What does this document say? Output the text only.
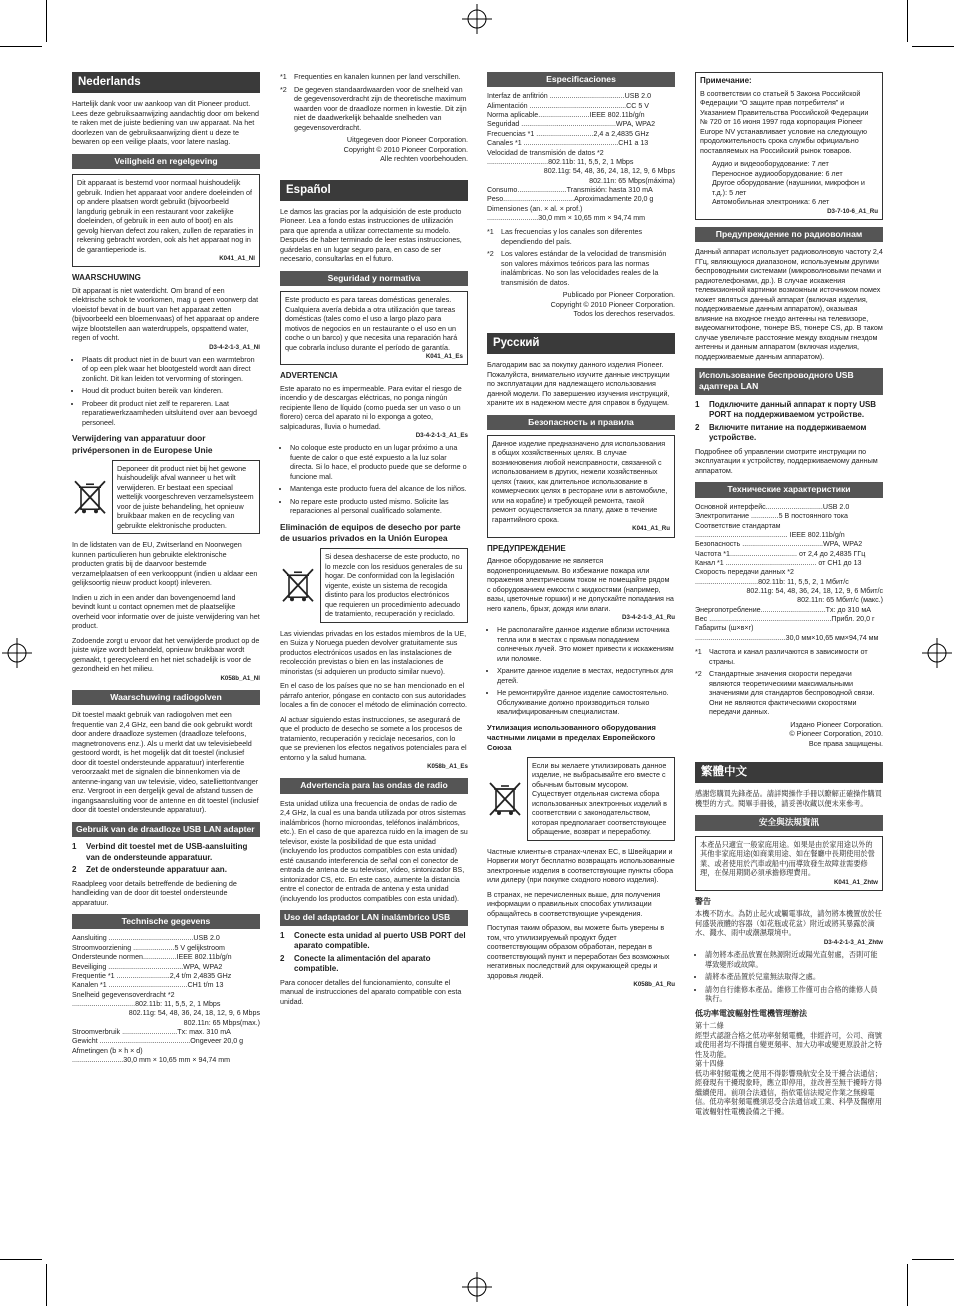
Nederlands

Hartelijk dank voor uw aankoop van dit Pioneer product. Lees deze gebruiksaanwijzing aandachtig door om bekend te raken met de juiste bediening van uw apparaat. Na het doorlezen van de gebruiksaanwijzing dient u deze te bewaren op een veilige plaats, voor latere naslag.

Veiligheid en regelgeving
Dit apparaat is bestemd voor normaal huishoudelijk gebruik. Indien het apparaat voor andere doeleinden of op andere plaatsen wordt gebruikt (bijvoorbeeld langdurig gebruik in een restaurant voor zakelijke doeleinden, of gebruik in een auto of boot) en als gevolg hiervan defect zou raken, zullen de reparaties in rekening gebracht worden, ook als het apparaat nog in de garantieperiode is.
K041_A1_Nl
WAARSCHUWING
Dit apparaat is niet waterdicht. Om brand of een elektrische schok te voorkomen, mag u geen voorwerp dat vloeistof bevat in de buurt van het apparaat zetten (bijvoorbeeld een bloemenvaas) of het apparaat op andere wijze blootstellen aan waterdruppels, opspattend water, regen of vocht.
D3-4-2-1-3_A1_Nl
• Plaats dit product niet in de buurt van een warmtebron of op een plek waar het blootgesteld wordt aan direct zonlicht. Dit kan leiden tot vervorming of storingen.
• Houd dit product buiten bereik van kinderen.
• Probeer dit product niet zelf te repareren. Laat reparatiewerkzaamheden uitsluitend over aan bevoegd personeel.
Verwijdering van apparatuur door privépersonen in de Europese Unie
Deponeer dit product niet bij het gewone huishoudelijk afval wanneer u het wilt verwijderen. Er bestaat een speciaal wettelijk voorgeschreven verzamelsysteem voor de juiste behandeling, het opnieuw bruikbaar maken en de recycling van gebruikte elektronische producten.

In de lidstaten van de EU, Zwitserland en Noorwegen kunnen particulieren hun gebruikte elektronische producten gratis bij de daarvoor bestemde verzamelplaatsen of een verkooppunt (indien u aldaar een gelijksoortig nieuw product koopt) inleveren.

Indien u zich in een ander dan bovengenoemd land bevindt kunt u contact opnemen met de plaatselijke overheid voor informatie over de juiste verwijdering van het product.

Zodoende zorgt u ervoor dat het verwijderde product op de juiste wijze wordt behandeld, opnieuw bruikbaar wordt gemaakt, t gerecycleerd en het niet schadelijk is voor de gezondheid en het milieu.

K058b_A1_Nl
Waarschuwing radiogolven

Dit toestel maakt gebruik van radiogolven met een frequentie van 2,4 GHz, een band die ook gebruikt wordt door andere draadloze systemen (draadloze telefoons, magnetronovens enz.). Als u merkt dat uw televisiebeeld gestoord wordt, is het mogelijk dat dit toestel (inclusief door dit toestel ondersteunde apparatuur) interferentie veroorzaakt met de signalen die binnenkomen via de antenne-ingang van uw televisie, video, satelliettontvanger enz. Vergroot in een dergelijk geval de afstand tussen de ingangsaansluiting voor de antenne en dit toestel (inclusief door dit toestel ondersteunde apparatuur).

Gebruik van de draadloze USB LAN adapter
1	Verbind dit toestel met de USB-aansluiting van de ondersteunde apparatuur.
2	Zet de ondersteunde apparatuur aan.

Raadpleeg voor details betreffende de bediening de handleiding van de door dit toestel ondersteunde apparatuur.

Technische gegevens
Aansluiting ...........................................USB 2.0
Stroomvoorziening .....................5 V gelijkstroom
Ondersteunde normen.................IEEE 802.11b/g/n
Beveiliging ......................................WPA, WPA2
Frequentie *1 ...........................2,4 t/m 2,4835 GHz
Kanalen *1 ........................................CH1 t/m 13
Snelheid gegevensoverdracht *2
................................802.11b: 11, 5,5, 2, 1 Mbps
802.11g: 54, 48, 36, 24, 18, 12, 9, 6 Mbps
802.11n: 65 Mbps(max.)
Stroomverbruik ............................Tx: max. 310 mA
Gewicht ..............................................Ongeveer 20,0 g
Afmetingen (b × h × d)
..........................30,0 mm × 10,65 mm × 94,74 mm

*1	Frequenties en kanalen kunnen per land verschillen.

*2	De gegeven standaardwaarden voor de snelheid van de gegevensoverdracht zijn de theoretische maximum waarden voor de draadloze normen in kwestie. Dit zijn niet de daadwerkelijk behaalde snelheden van gegevensoverdracht.

Uitgegeven door Pioneer Corporation.
Copyright © 2010 Pioneer Corporation.
Alle rechten voorbehouden.
Español

Le damos las gracias por la adquisición de este producto Pioneer. Lea a fondo estas instrucciones de utilización para que aprenda a utilizar correctamente su modelo. Después de haber terminado de leer estas instrucciones, guárdelas en un lugar seguro para, en caso de ser necesario, consultarlas en el futuro.

Seguridad y normativa
Este producto es para tareas domésticas generales. Cualquiera avería debida a otra utilización que tareas domésticas (tales como el uso a largo plazo para motivos de negocios en un restaurante o el uso en un coche o un barco) y que necesita una reparación hará que cobrarla incluso durante el período de garantía.
K041_A1_Es
ADVERTENCIA
Este aparato no es impermeable. Para evitar el riesgo de incendio y de descargas eléctricas, no ponga ningún recipiente lleno de líquido (como pueda ser un vaso o un florero) cerca del aparato ni lo exponga a goteo, salpicaduras, lluvia o humedad.
D3-4-2-1-3_A1_Es
• No coloque este producto en un lugar próximo a una fuente de calor o que esté expuesto a la luz solar directa. Si lo hace, el producto puede que se deforme o funcione mal.
• Mantenga este producto fuera del alcance de los niños.
• No repare este producto usted mismo. Solicite las reparaciones al personal cualificado solamente.
Eliminación de equipos de desecho por parte de usuarios privados en la Unión Europea
Si desea deshacerse de este producto, no lo mezcle con los residuos generales de su hogar. De conformidad con la legislación vigente, existe un sistema de recogida distinto para los productos electrónicos que requieren un procedimiento adecuado de tratamiento, recuperación y reciclado.

Las viviendas privadas en los estados miembros de la UE, en Suiza y Noruega pueden devolver gratuitamente sus productos electrónicos usados en las instalaciones de recolección previstas o bien en las instalaciones de minoristas (si adquieren un producto similar nuevo).

En el caso de los países que no se han mencionado en el párrafo anterior, póngase en contacto con sus autoridades locales a fin de conocer el método de eliminación correcto.

Al actuar siguiendo estas instrucciones, se asegurará de que el producto de desecho se somete a los procesos de tratamiento, recuperación y reciclaje necesarios, con lo que se previenen los efectos negativos potenciales para el entorno y la salud humana.

K058b_A1_Es
Advertencia para las ondas de radio

Esta unidad utiliza una frecuencia de ondas de radio de 2,4 GHz, la cual es una banda utilizada por otros sistemas inalámbricos (horno microondas, teléfonos inalámbricos, etc.). En el caso de que aparezca ruido en la imagen de su televisor, existe la posibilidad de que esta unidad (incluyendo los productos compatibles con esta unidad) esté causando interferencia de señal con el conector de entrada de antena de su televisor, vídeo, sintonizador BS, sintonizador CS, etc. En este caso, aumente la distancia entre el conector de entrada de antena y esta unidad (incluyendo los productos compatibles con esta unidad).

Uso del adaptador LAN inalámbrico USB
1	Conecte esta unidad al puerto USB PORT del aparato compatible.
2	Conecte la alimentación del aparato compatible.

Para conocer detalles del funcionamiento, consulte el manual de instrucciones del aparato compatible con esta unidad.

Especificaciones
Interfaz de anfitrión ......................................USB 2.0
Alimentación .................................................CC 5 V
Norma aplicable..........................IEEE 802.11b/g/n
Seguridad ................................................WPA, WPA2
Frecuencias *1 .............................2,4 a 2,4835 GHz
Canales *1 ................................................CH1 a 13
Velocidad de transmisión de datos *2
...............................802.11b: 11, 5,5, 2, 1 Mbps
802.11g: 54, 48, 36, 24, 18, 12, 9, 6 Mbps
802.11n: 65 Mbps(máxima)
Consumo.........................Transmisión: hasta 310 mA
Peso....................................Aproximadamente 20,0 g
Dimensiones (an. × al. × prof.)
..........................30,0 mm × 10,65 mm × 94,74 mm

*1	Las frecuencias y los canales son diferentes dependiendo del país.

*2	Los valores estándar de la velocidad de transmisión son valores máximos teóricos para las normas inalámbricas. No son las velocidades reales de la transmisión de datos.

Publicado por Pioneer Corporation.
Copyright © 2010 Pioneer Corporation.
Todos los derechos reservados.
Русский

Благодарим вас за покупку данного изделия Pioneer. Пожалуйста, внимательно изучите данные инструкции по эксплуатации для надлежащего использования данной модели. По завершению изучения инструкций, храните их в надежном месте для справок в будущем.

Безопасность и правила
Данное изделие предназначено для использования в общих хозяйственных целях. В случае возникновения любой неисправности, связанной с использованием в других, нежели хозяйственных целях (таких, как длительное использование в коммерческих целях в ресторане или в автомобиле, или на корабле) и требующей ремонта, такой ремонт осуществляется за плату, даже в течение гарантийного срока.
K041_A1_Ru
ПРЕДУПРЕЖДЕНИЕ
Данное оборудование не является водонепроницаемым. Во избежание пожара или поражения электрическим током не помещайте рядом с оборудованием емкости с жидкостями (например, вазы, цветочные горшки) и не допускайте попадания на него капель, брызг, дождя или влаги.
D3-4-2-1-3_A1_Ru
• Не располагайте данное изделие вблизи источника тепла или в местах с прямым попаданием солнечных лучей. Это может привести к искажениям или поломке.
• Храните данное изделие в местах, недоступных для детей.
• Не ремонтируйте данное изделие самостоятельно. Обслуживание должно производиться только квалифицированным специалистам.
Утилизация использованного оборудования частными лицами в пределах Европейского Союза
Если вы желаете утилизировать данное изделие, не выбрасывайте его вместе с обычным бытовым мусором. Существует отдельная система сбора использованных электронных изделий в соответствии с законодательством, которая предполагает соответствующее обращение, возврат и переработку.

Частные клиенты-в странах-членах ЕС, в Швейцарии и Норвегии могут бесплатно возвращать использованные электронные изделия в соответствующие пункты сбора или дилеру (при покупке сходного нового изделия).

В странах, не перечисленных выше, для получения информации о правильных способах утилизации обращайтесь в соответствующие учреждения.

Поступая таким образом, вы можете быть уверены в том, что утилизируемый продукт будет соответствующим образом обработан, передан в соответствующий пункт и переработан без возможных негативных последствий для окружающей среды и здоровья людей.

K058b_A1_Ru
Примечание:
В соответствии со статьей 5 Закона Российской Федерации “О защите прав потребителя” и Указанием Правительства Российской Федерации № 720 от 16 июня 1997 года корпорация Pioneer Europe NV устанавливает условие на следующую продолжительность срока службы официально поставляемых на Российский рынок товаров.
Аудио и видеооборудование: 7 лет
Переносное аудиооборудование: 6 лет
Другое оборудование (наушники, микрофон и т.д.): 5 лет
Автомобильная электроника: 6 лет
D3-7-10-6_A1_Ru
Предупреждение по радиоволнам

Данный аппарат использует радиоволновую частоту 2,4 ГГц, являющуюся диапазоном, используемым другими беспроводными системами (микроволновыми печами и радиотелефонами, др.). В случае искажения телевизионной картинки возможным источником помех может являться данный аппарат (включая изделия, поддерживаемые данным аппаратом), оказывая влияние на входное гнездо антенны на телевизоре, видеомагнитофоне, тюнере BS, тюнере CS, др. В таком случае увеличьте расстояние между входным гнездом антенны и данным аппаратом (включая изделия, поддерживаемые данным аппаратом).

Использование беспроводного USB адаптера LAN
1	Подключите данный аппарат к порту USB PORT на поддерживаемом устройстве.
2	Включите питание на поддерживаемом устройстве.

Подробнее об управлении смотрите инструкции по эксплуатации к устройству, поддерживаемому данным аппаратом.

Технические характеристики
Основной интерфейс.............................USB 2.0
Электропитание ..............5 В постоянного тока
Соответствие стандартам
............................................... IEEE 802.11b/g/n
Безопасность .........................................WPA, WPA2
Частота *1.................................. от 2,4 до 2,4835 ГГц
Канал *1 .............................................. от CH1 до 13
Скорость передачи данных *2
................................802.11b: 11, 5,5, 2, 1 Мбит/с
802.11g: 54, 48, 36, 24, 18, 12, 9, 6 Мбит/с
802.11n: 65 Мбит/с (макс.)
Энергопотребление.................................Tx: до 310 мА
Вес ..............................................................Прибл. 20,0 г
Габариты (ш×в×г)
..............................................30,0 мм×10,65 мм×94,74 мм

*1	Частота и канал различаются в зависимости от страны.

*2	Стандартные значения скорости передачи являются теоретическими максимальными значениями для стандартов беспроводной связи. Они не являются фактическими скоростями передачи данных.

Издано Pioneer Corporation.
© Pioneer Corporation, 2010.
Все права защищены.
繁體中文

感謝您購買先鋒產品。請詳閱操作手冊以瞭解正確操作購買機型的方式。閱畢手冊後，請妥善收藏以便未來參考。

安全與法規資訊
本產品只適宜一般家庭用途。如果是由於家用途以外的其他非家庭用途(如商業用途、如在餐廳中長期使用於營業、或者使用於汽車或船中)而導致發生故障並需要修理，在保用期間必須承擔修理費用。
K041_A1_Zhtw
警告
本機不防水。為防止起火或觸電事故，請勿將本機置放於任何盛裝液體的容器（如花瓶或花盆）附近或將其暴露於滴水、濺水、雨中或潮濕環境中。
D3-4-2-1-3_A1_Zhtw
• 請勿將本產品放置在熱源附近或陽光直射處，否則可能導致變形或故障。
• 請將本產品置於兒童無法取得之處。
• 請勿自行維修本產品。維修工作僅可由合格的維修人員執行。
低功率電波輻射性電機管理辦法
第十二條
經型式認證合格之低功率射頻電機，非經許可，公司、商號或使用者均不得擅自變更頻率、加大功率或變更原設計之特性及功能。
第十四條
低功率射頻電機之使用不得影響飛航安全及干擾合法通信；經發現有干擾現象時，應立即停用，並改善至無干擾時方得繼續使用。前項合法通信，指依電信法規定作業之無線電信。低功率射頻電機須忍受合法通信或工業、科學及醫療用電波輻射性電機設備之干擾。
